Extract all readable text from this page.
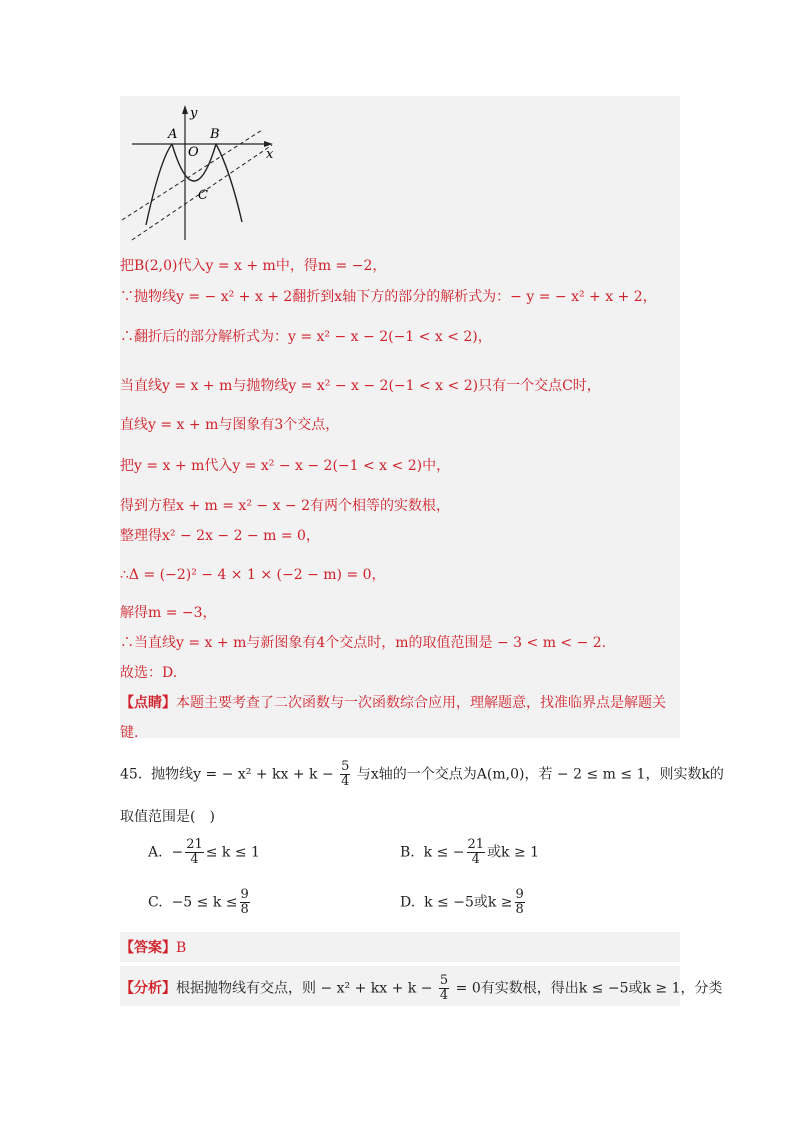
y
x
A	B
O
C
把B(2,0)代入y = x + m中，得m = −2，
∵抛物线y = − x² + x + 2翻折到x轴下方的部分的解析式为：− y = − x² + x + 2，
∴翻折后的部分解析式为：y = x² − x − 2(−1 < x < 2)，
当直线y = x + m与抛物线y = x² − x − 2(−1 < x < 2)只有一个交点C时，
直线y = x + m与图象有3个交点，
把y = x + m代入y = x² − x − 2(−1 < x < 2)中，
得到方程x + m = x² − x − 2有两个相等的实数根，
整理得x² − 2x − 2 − m = 0，
∴Δ = (−2)² − 4 × 1 × (−2 − m) = 0，
解得m = −3，
∴当直线y = x + m与新图象有4个交点时，m的取值范围是 − 3 < m < − 2.
故选：D.
【点睛】本题主要考查了二次函数与一次函数综合应用，理解题意，找准临界点是解题关
键.
45. 抛物线y = − x² + kx + $k - \frac{5}{4}$ 与x轴的一个交点为A(m,0)，若 − 2 ≤ m ≤ 1，则实数k的
取值范围是(　)
A. − $\frac{21}{4} \le k \le 1$	B. k ≤ − $\frac{21}{4}$ 或k ≥ 1
C. $-5 \le k \le \frac{9}{8}$	D. k ≤ −5或$k \ge \frac{9}{8}$
【答案】B
【分析】根据抛物线有交点，则 − x² + kx + $k - \frac{5}{4} = 0$有实数根，得出k ≤ −5或k ≥ 1，分类
